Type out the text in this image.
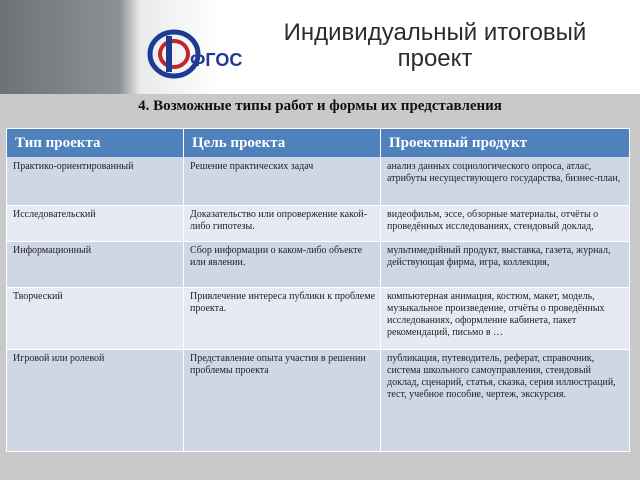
ФГОС
Индивидуальный итоговый
проект
4. Возможные типы работ и формы их представления
Тип проекта
Практико-ориентированный
Исследовательский
Информационный
Творческий
Игровой или ролевой
Цель проекта
Решение практических задач
Доказательство или опровержение какой-либо гипотезы.
Сбор информации о каком-либо объекте или явлении.
Привлечение интереса публики к проблеме проекта.
Представление опыта участия в решении проблемы проекта
Проектный продукт
анализ данных социологического опроса, атлас, атрибуты несуществующего государства, бизнес-план,
видеофильм, эссе, обзорные материалы, отчёты о проведённых исследованиях, стендовый доклад,
мультимедийный продукт, выставка, газета, журнал, действующая фирма, игра, коллекция,
компьютерная анимация, костюм, макет, модель, музыкальное произведение, отчёты о проведённых исследованиях, оформление кабинета, пакет рекомендаций, письмо в …
публикация, путеводитель, реферат, справочник, система школьного самоуправления, стендовый доклад, сценарий, статья, сказка, серия иллюстраций, тест, учебное пособие, чертеж, экскурсия.
